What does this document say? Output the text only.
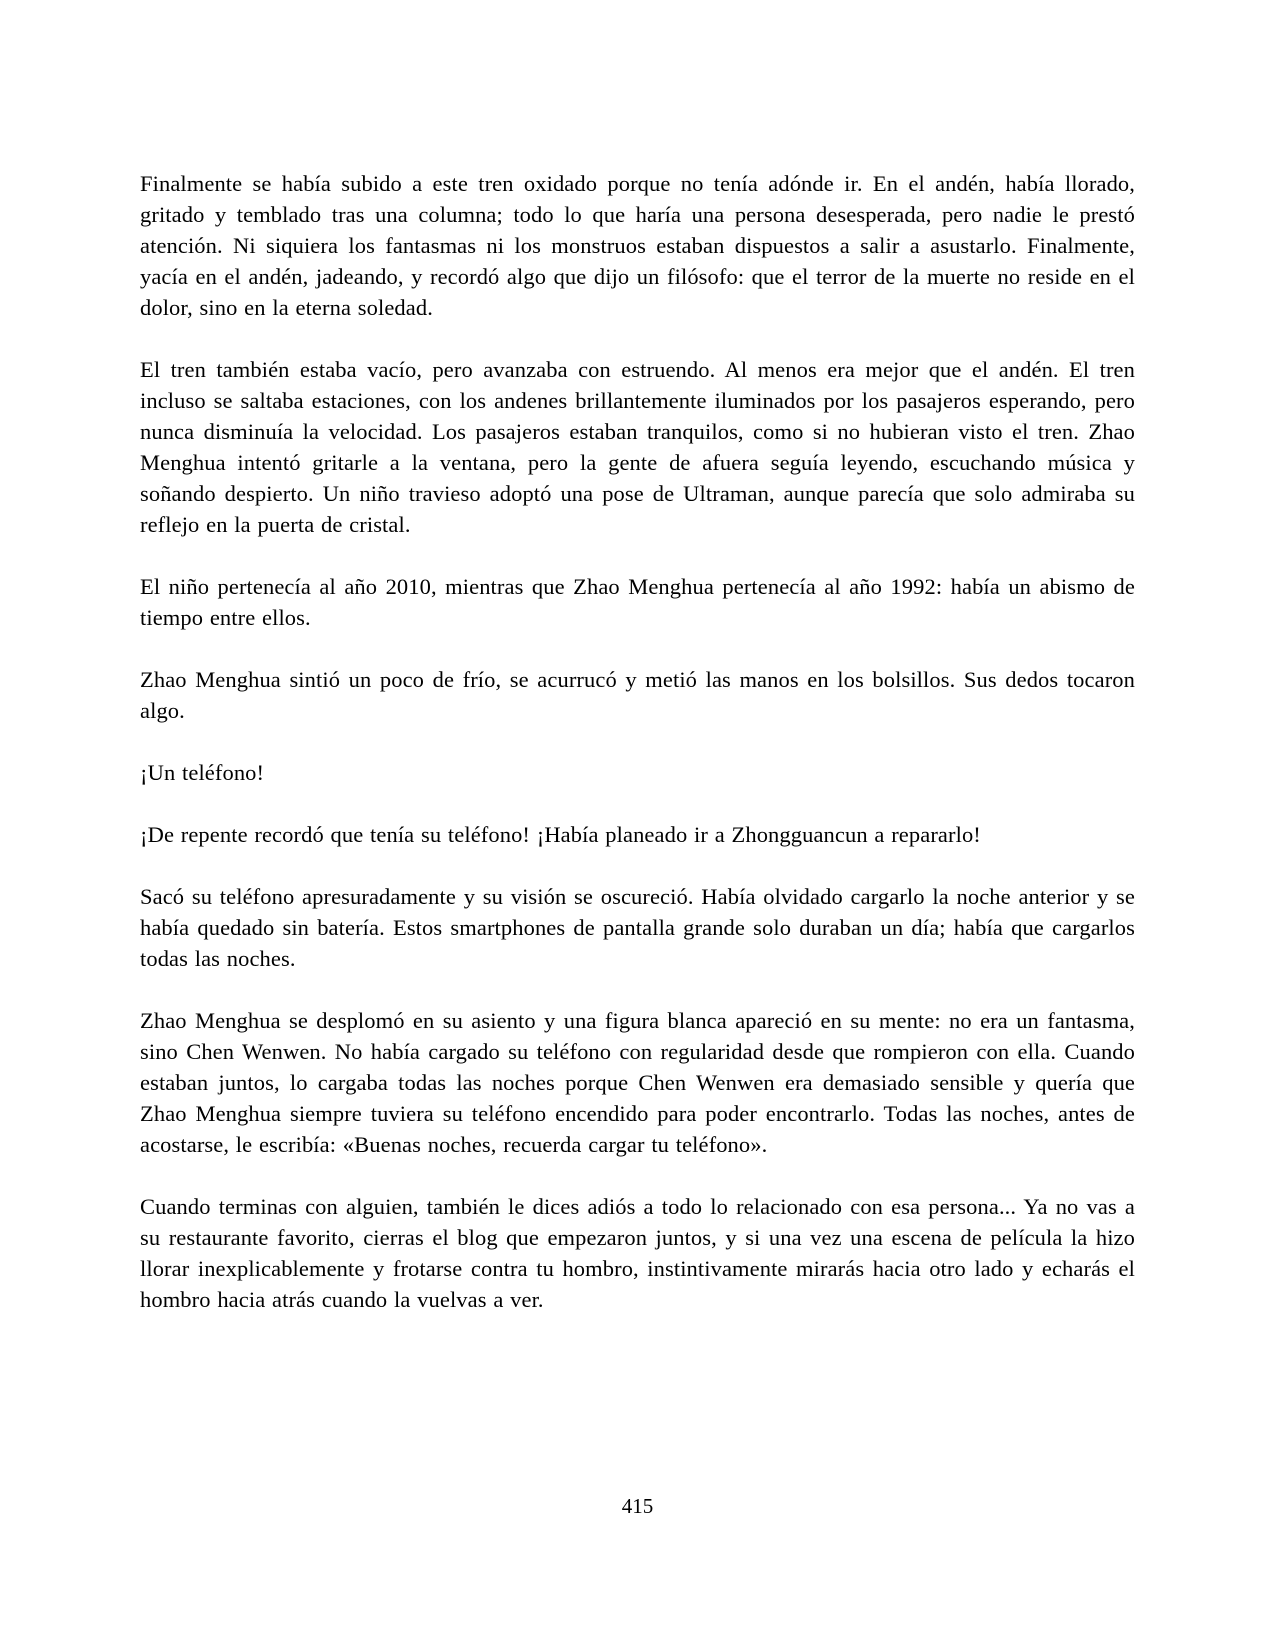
Finalmente se había subido a este tren oxidado porque no tenía adónde ir. En el andén, había llorado, gritado y temblado tras una columna; todo lo que haría una persona desesperada, pero nadie le prestó atención. Ni siquiera los fantasmas ni los monstruos estaban dispuestos a salir a asustarlo. Finalmente, yacía en el andén, jadeando, y recordó algo que dijo un filósofo: que el terror de la muerte no reside en el dolor, sino en la eterna soledad.

El tren también estaba vacío, pero avanzaba con estruendo. Al menos era mejor que el andén. El tren incluso se saltaba estaciones, con los andenes brillantemente iluminados por los pasajeros esperando, pero nunca disminuía la velocidad. Los pasajeros estaban tranquilos, como si no hubieran visto el tren. Zhao Menghua intentó gritarle a la ventana, pero la gente de afuera seguía leyendo, escuchando música y soñando despierto. Un niño travieso adoptó una pose de Ultraman, aunque parecía que solo admiraba su reflejo en la puerta de cristal.

El niño pertenecía al año 2010, mientras que Zhao Menghua pertenecía al año 1992: había un abismo de tiempo entre ellos.

Zhao Menghua sintió un poco de frío, se acurrucó y metió las manos en los bolsillos. Sus dedos tocaron algo.

¡Un teléfono!

¡De repente recordó que tenía su teléfono! ¡Había planeado ir a Zhongguancun a repararlo!

Sacó su teléfono apresuradamente y su visión se oscureció. Había olvidado cargarlo la noche anterior y se había quedado sin batería. Estos smartphones de pantalla grande solo duraban un día; había que cargarlos todas las noches.

Zhao Menghua se desplomó en su asiento y una figura blanca apareció en su mente: no era un fantasma, sino Chen Wenwen. No había cargado su teléfono con regularidad desde que rompieron con ella. Cuando estaban juntos, lo cargaba todas las noches porque Chen Wenwen era demasiado sensible y quería que Zhao Menghua siempre tuviera su teléfono encendido para poder encontrarlo. Todas las noches, antes de acostarse, le escribía: «Buenas noches, recuerda cargar tu teléfono».

Cuando terminas con alguien, también le dices adiós a todo lo relacionado con esa persona... Ya no vas a su restaurante favorito, cierras el blog que empezaron juntos, y si una vez una escena de película la hizo llorar inexplicablemente y frotarse contra tu hombro, instintivamente mirarás hacia otro lado y echarás el hombro hacia atrás cuando la vuelvas a ver.

415
